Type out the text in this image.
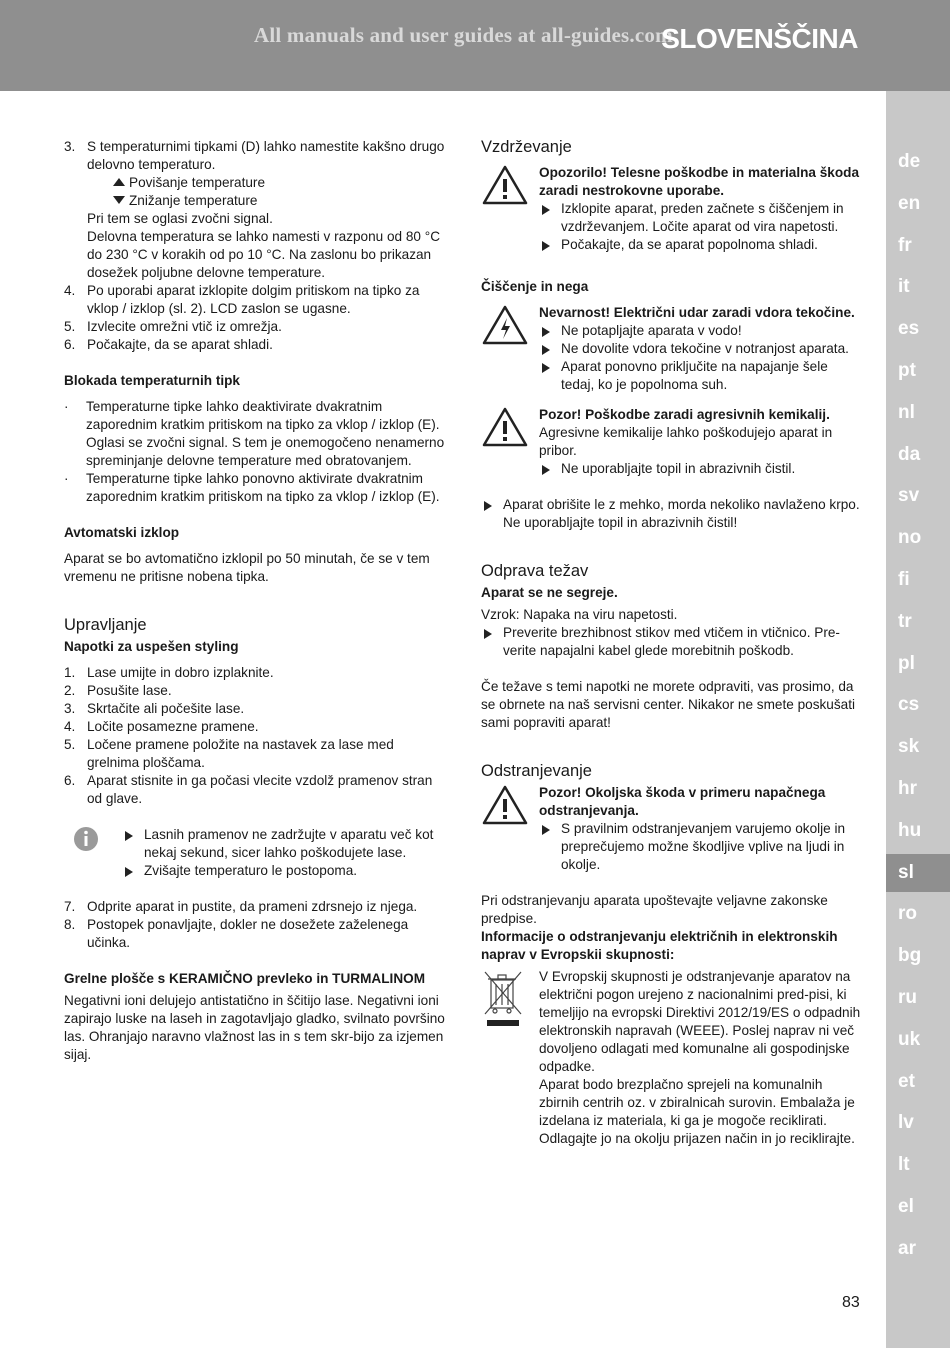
All manuals and user guides at all-guides.com
SLOVENŠČINA
de
en
fr
it
es
pt
nl
da
sv
no
fi
tr
pl
cs
sk
hr
hu
sl
ro
bg
ru
uk
et
lv
lt
el
ar
3. S temperaturnimi tipkami (D) lahko namestite kakšno drugo delovno temperaturo.
Povišanje temperature
Znižanje temperature

Pri tem se oglasi zvočni signal.

Delovna temperatura se lahko namesti v razponu od 80 °C do 230 °C v korakih od po 10 °C. Na zaslonu bo prikazan dosežek poljubne delovne temperature.

4. Po uporabi aparat izklopite dolgim pritiskom na tipko za vklop / izklop (sl. 2). LCD zaslon se ugasne.
5. Izvlecite omrežni vtič iz omrežja.
6. Počakajte, da se aparat shladi.

Blokada temperaturnih tipk

·	Temperaturne tipke lahko deaktivirate dvakratnim zaporednim kratkim pritiskom na tipko za vklop / izklop (E). Oglasi se zvočni signal. S tem je onemogočeno nenamerno spreminjanje delovne temperature med obratovanjem.
·	Temperaturne tipke lahko ponovno aktivirate dvakratnim zaporednim kratkim pritiskom na tipko za vklop / izklop (E).

Avtomatski izklop

Aparat se bo avtomatično izklopil po 50 minutah, če se v tem vremenu ne pritisne nobena tipka.

Upravljanje

Napotki za uspešen styling

1. Lase umijte in dobro izplaknite.
2. Posušite lase.
3. Skrtačite ali počešite lase.
4. Ločite posamezne pramene.
5. Ločene pramene položite na nastavek za lase med grelnima ploščama.
6. Aparat stisnite in ga počasi vlecite vzdolž pramenov stran od glave.
Lasnih pramenov ne zadržujte v aparatu več kot nekaj sekund, sicer lahko poškodujete lase.
Zvišajte temperaturo le postopoma.
7. Odprite aparat in pustite, da prameni zdrsnejo iz njega.
8. Postopek ponavljajte, dokler ne dosežete zaželenega učinka.

Grelne plošče s KERAMIČNO prevleko in TURMALINOM

Negativni ioni delujejo antistatično in ščitijo lase. Negativni ioni zapirajo luske na laseh in zagotavljajo gladko, svilnato površino las. Ohranjajo naravno vlažnost las in s tem skr-bijo za izjemen sijaj.

Vzdrževanje

Opozorilo! Telesne poškodbe in materialna škoda zaradi nestrokovne uporabe.

Izklopite aparat, preden začnete s čiščenjem in vzdrževanjem. Ločite aparat od vira napetosti.
Počakajte, da se aparat popolnoma shladi.

Čiščenje in nega

Nevarnost! Električni udar zaradi vdora tekočine.

Ne potapljajte aparata v vodo!
Ne dovolite vdora tekočine v notranjost aparata.
Aparat ponovno priključite na napajanje šele tedaj, ko je popolnoma suh.

Pozor! Poškodbe zaradi agresivnih kemikalij.

Agresivne kemikalije lahko poškodujejo aparat in pribor.

Ne uporabljajte topil in abrazivnih čistil.
Aparat obrišite le z mehko, morda nekoliko navlaženo krpo. Ne uporabljajte topil in abrazivnih čistil!

Odprava težav

Aparat se ne segreje.

Vzrok: Napaka na viru napetosti.

Preverite brezhibnost stikov med vtičem in vtičnico. Pre-verite napajalni kabel glede morebitnih poškodb.

Če težave s temi napotki ne morete odpraviti, vas prosimo, da se obrnete na naš servisni center. Nikakor ne smete poskušati sami popraviti aparat!

Odstranjevanje

Pozor! Okoljska škoda v primeru napačnega odstranjevanja.

S pravilnim odstranjevanjem varujemo okolje in preprečujemo možne škodljive vplive na ljudi in okolje.

Pri odstranjevanju aparata upoštevajte veljavne zakonske predpise.

Informacije o odstranjevanju električnih in elektronskih naprav v Evropskii skupnosti:

V Evropskij skupnosti je odstranjevanje aparatov na električni pogon urejeno z nacionalnimi pred-pisi, ki temeljijo na evropski Direktivi 2012/19/ES o odpadnih elektronskih napravah (WEEE). Poslej naprav ni več dovoljeno odlagati med komunalne ali gospodinjske odpadke.

Aparat bodo brezplačno sprejeli na komunalnih zbirnih centrih oz. v zbiralnicah surovin. Embalaža je izdelana iz materiala, ki ga je mogoče reciklirati. Odlagajte jo na okolju prijazen način in jo reciklirajte.

83
